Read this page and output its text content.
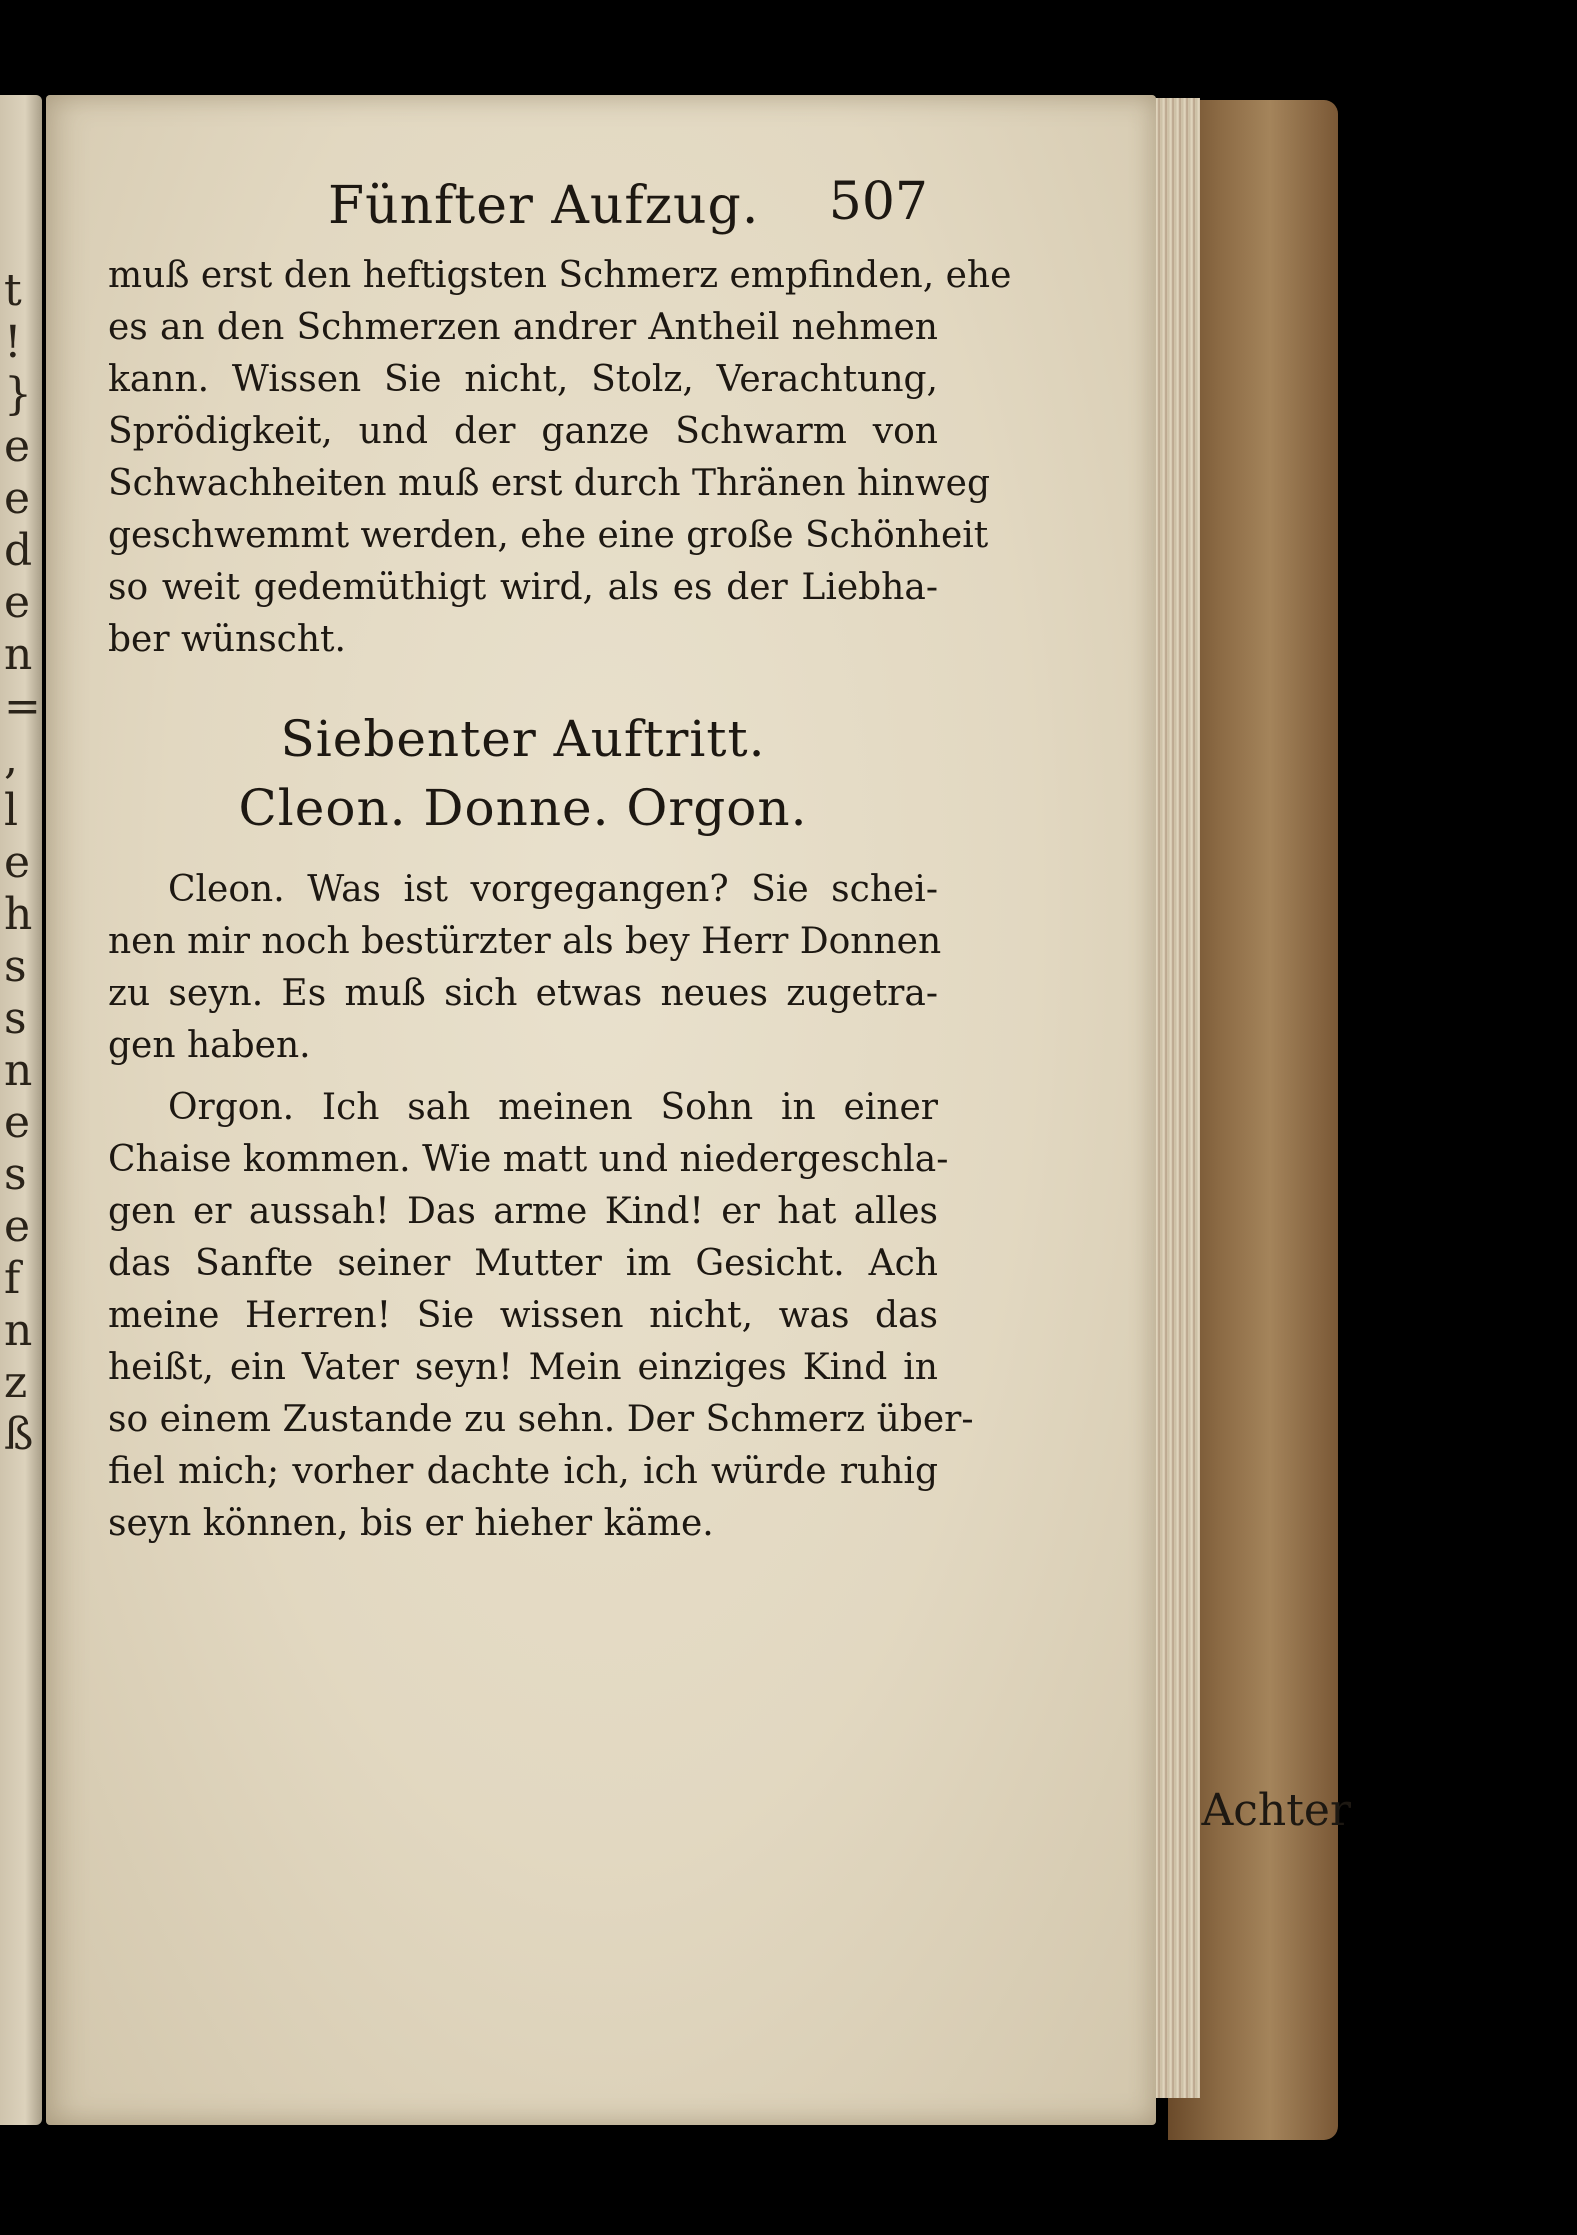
t
!
}
e
e
d
e
n
=
,
l
e
h
s
s
n
e
s
e
f
n
z
ß
Fünfter Aufzug. 507
muß erst den heftigsten Schmerz empfinden, ehe
es an den Schmerzen andrer Antheil nehmen
kann. Wissen Sie nicht, Stolz, Verachtung,
Sprödigkeit, und der ganze Schwarm von
Schwachheiten muß erst durch Thränen hinweg
geschwemmt werden, ehe eine große Schönheit
so weit gedemüthigt wird, als es der Liebha-
ber wünscht.
Siebenter Auftritt.
Cleon. Donne. Orgon.
Cleon. Was ist vorgegangen? Sie schei-
nen mir noch bestürzter als bey Herr Donnen
zu seyn. Es muß sich etwas neues zugetra-
gen haben.
Orgon. Ich sah meinen Sohn in einer
Chaise kommen. Wie matt und niedergeschla-
gen er aussah! Das arme Kind! er hat alles
das Sanfte seiner Mutter im Gesicht. Ach
meine Herren! Sie wissen nicht, was das
heißt, ein Vater seyn! Mein einziges Kind in
so einem Zustande zu sehn. Der Schmerz über-
fiel mich; vorher dachte ich, ich würde ruhig
seyn können, bis er hieher käme.
Achter
